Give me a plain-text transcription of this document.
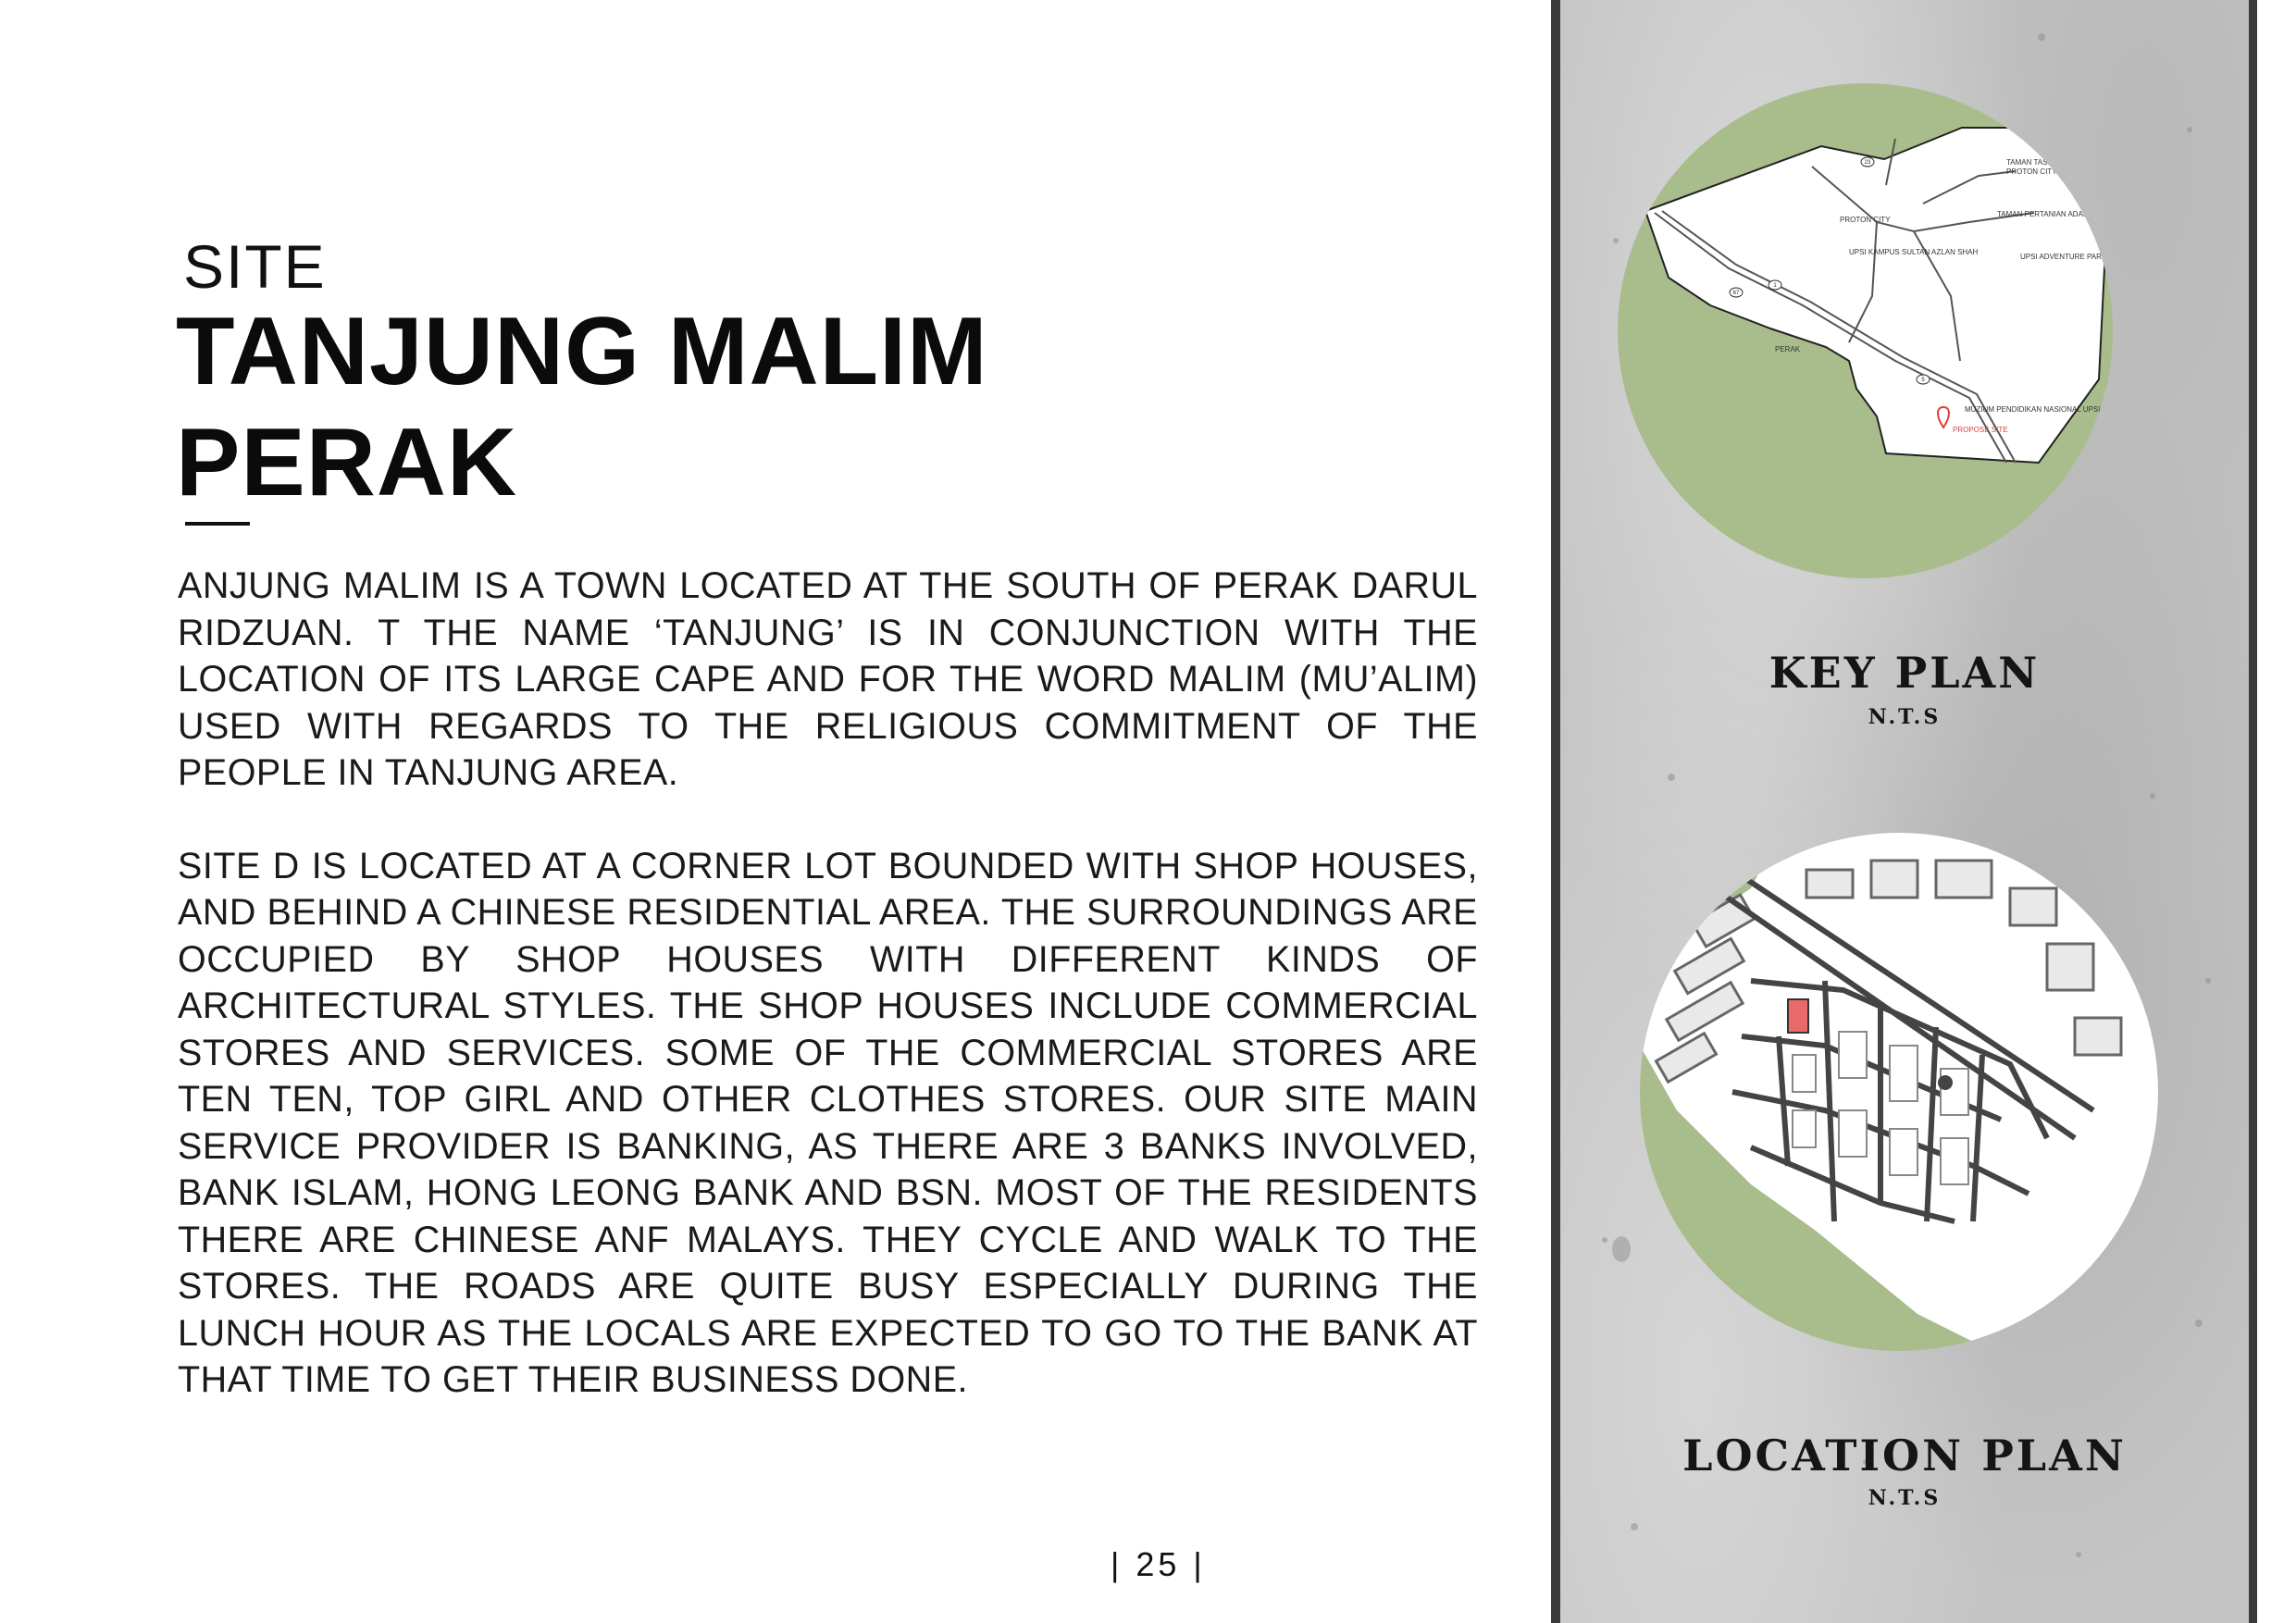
SITE
TANJUNG MALIM
PERAK

ANJUNG MALIM IS A TOWN LOCATED AT THE SOUTH OF PERAK DARUL RIDZUAN. T THE NAME ‘TANJUNG’ IS IN CONJUNCTION WITH THE LOCATION OF ITS LARGE CAPE AND FOR THE WORD MALIM (MU’ALIM) USED WITH REGARDS TO THE RELIGIOUS COMMITMENT OF THE PEOPLE IN TANJUNG AREA.

SITE D IS LOCATED AT A CORNER LOT BOUNDED WITH SHOP HOUSES, AND BEHIND A CHINESE RESIDENTIAL AREA. THE SURROUNDINGS ARE OCCUPIED BY SHOP HOUSES WITH DIFFERENT KINDS OF ARCHITECTURAL STYLES. THE SHOP HOUSES INCLUDE COMMERCIAL STORES AND SERVICES. SOME OF THE COMMERCIAL STORES ARE TEN TEN, TOP GIRL AND OTHER CLOTHES STORES. OUR SITE MAIN SERVICE PROVIDER IS BANKING, AS THERE ARE 3 BANKS INVOLVED, BANK ISLAM, HONG LEONG BANK AND BSN. MOST OF THE RESIDENTS THERE ARE CHINESE ANF MALAYS. THEY CYCLE AND WALK TO THE STORES. THE ROADS ARE QUITE BUSY ESPECIALLY DURING THE LUNCH HOUR AS THE LOCALS ARE EXPECTED TO GO TO THE BANK AT THAT TIME TO GET THEIR BUSINESS DONE.

| 25 |
TAMAN TASIK EMPAYA
PROTON CITY
PROTON CITY
TAMAN PERTANIAN ADAM
UPSI KAMPUS SULTAN AZLAN SHAH
UPSI ADVENTURE PARK
PERAK
MUZIUM PENDIDIKAN NASIONAL UPSI
1
67
5
23
PROPOSE SITE
KEY PLAN
N.T.S
LOCATION PLAN
N.T.S
